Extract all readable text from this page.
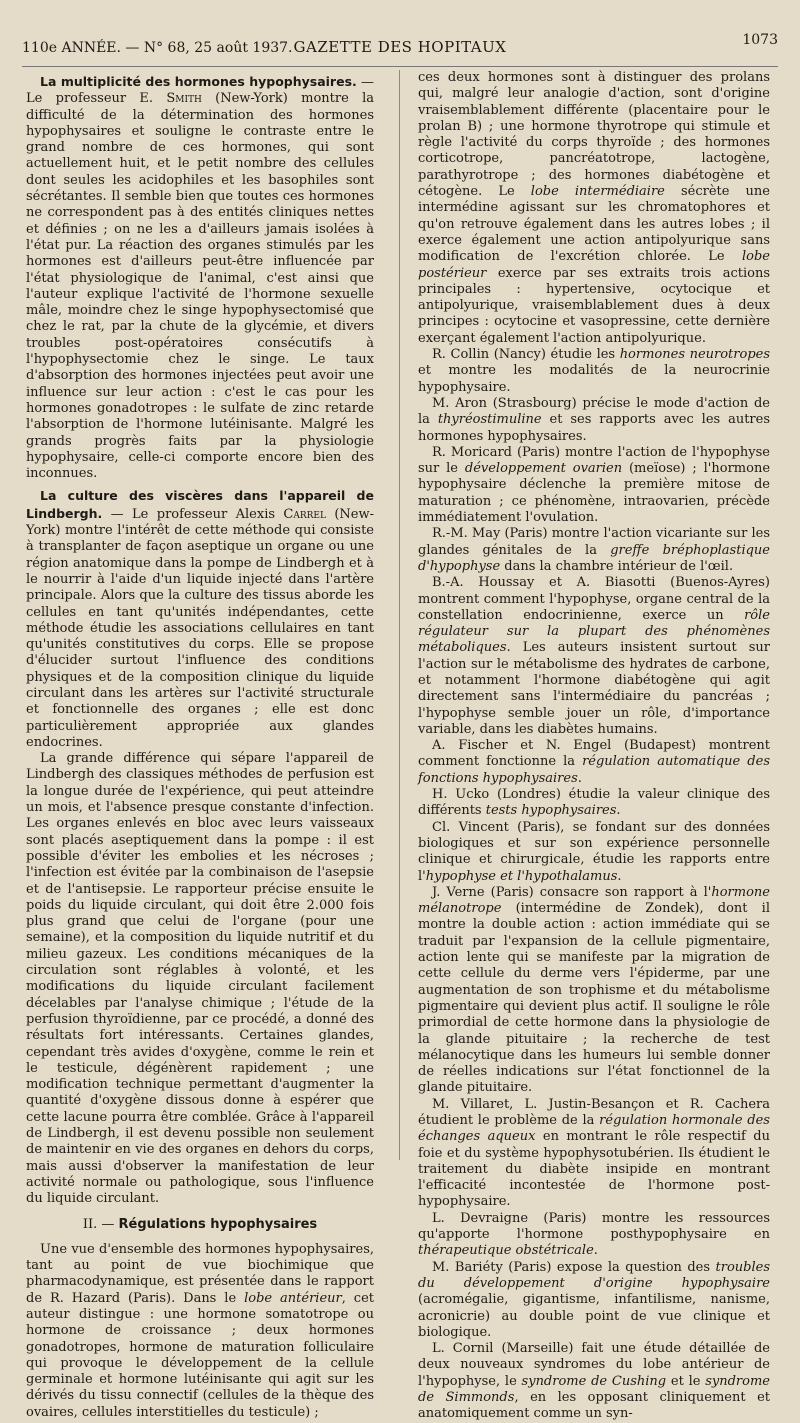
110e ANNÉE. — N° 68, 25 août 1937. GAZETTE DES HOPITAUX	1073

La multiplicité des hormones hypophysaires. — Le professeur E. Smith (New-York) montre la difficulté de la détermination des hormones hypophysaires et souligne le contraste entre le grand nombre de ces hormones, qui sont actuellement huit, et le petit nombre des cellules dont seules les acidophiles et les basophiles sont sécrétantes. Il semble bien que toutes ces hormones ne correspondent pas à des entités cliniques nettes et définies ; on ne les a d'ailleurs jamais isolées à l'état pur. La réaction des organes stimulés par les hormones est d'ailleurs peut-être influencée par l'état physiologique de l'animal, c'est ainsi que l'auteur explique l'activité de l'hormone sexuelle mâle, moindre chez le singe hypophysectomisé que chez le rat, par la chute de la glycémie, et divers troubles post-opératoires consécutifs à l'hypophysectomie chez le singe. Le taux d'absorption des hormones injectées peut avoir une influence sur leur action : c'est le cas pour les hormones gonadotropes : le sulfate de zinc retarde l'absorption de l'hormone lutéinisante. Malgré les grands progrès faits par la physiologie hypophysaire, celle-ci comporte encore bien des inconnues.

La culture des viscères dans l'appareil de Lindbergh. — Le professeur Alexis Carrel (New-York) montre l'intérêt de cette méthode qui consiste à transplanter de façon aseptique un organe ou une région anatomique dans la pompe de Lindbergh et à le nourrir à l'aide d'un liquide injecté dans l'artère principale. Alors que la culture des tissus aborde les cellules en tant qu'unités indépendantes, cette méthode étudie les associations cellulaires en tant qu'unités constitutives du corps. Elle se propose d'élucider surtout l'influence des conditions physiques et de la composition clinique du liquide circulant dans les artères sur l'activité structurale et fonctionnelle des organes ; elle est donc particulièrement appropriée aux glandes endocrines.

La grande différence qui sépare l'appareil de Lindbergh des classiques méthodes de perfusion est la longue durée de l'expérience, qui peut atteindre un mois, et l'absence presque constante d'infection. Les organes enlevés en bloc avec leurs vaisseaux sont placés aseptiquement dans la pompe : il est possible d'éviter les embolies et les nécroses ; l'infection est évitée par la combinaison de l'asepsie et de l'antisepsie. Le rapporteur précise ensuite le poids du liquide circulant, qui doit être 2.000 fois plus grand que celui de l'organe (pour une semaine), et la composition du liquide nutritif et du milieu gazeux. Les conditions mécaniques de la circulation sont réglables à volonté, et les modifications du liquide circulant facilement décelables par l'analyse chimique ; l'étude de la perfusion thyroïdienne, par ce procédé, a donné des résultats fort intéressants. Certaines glandes, cependant très avides d'oxygène, comme le rein et le testicule, dégénèrent rapidement ; une modification technique permettant d'augmenter la quantité d'oxygène dissous donne à espérer que cette lacune pourra être comblée. Grâce à l'appareil de Lindbergh, il est devenu possible non seulement de maintenir en vie des organes en dehors du corps, mais aussi d'observer la manifestation de leur activité normale ou pathologique, sous l'influence du liquide circulant.

II. — Régulations hypophysaires

Une vue d'ensemble des hormones hypophysaires, tant au point de vue biochimique que pharmacodynamique, est présentée dans le rapport de R. Hazard (Paris). Dans le lobe antérieur, cet auteur distingue : une hormone somatotrope ou hormone de croissance ; deux hormones gonadotropes, hormone de maturation folliculaire qui provoque le développement de la cellule germinale et hormone lutéinisante qui agit sur les dérivés du tissu connectif (cellules de la thèque des ovaires, cellules interstitielles du testicule) ;

ces deux hormones sont à distinguer des prolans qui, malgré leur analogie d'action, sont d'origine vraisemblablement différente (placentaire pour le prolan B) ; une hormone thyrotrope qui stimule et règle l'activité du corps thyroïde ; des hormones corticotrope, pancréatotrope, lactogène, parathyrotrope ; des hormones diabétogène et cétogène. Le lobe intermédiaire sécrète une intermédine agissant sur les chromatophores et qu'on retrouve également dans les autres lobes ; il exerce également une action antipolyurique sans modification de l'excrétion chlorée. Le lobe postérieur exerce par ses extraits trois actions principales : hypertensive, ocytocique et antipolyurique, vraisemblablement dues à deux principes : ocytocine et vasopressine, cette dernière exerçant également l'action antipolyurique.

R. Collin (Nancy) étudie les hormones neurotropes et montre les modalités de la neurocrinie hypophysaire.

M. Aron (Strasbourg) précise le mode d'action de la thyréostimuline et ses rapports avec les autres hormones hypophysaires.

R. Moricard (Paris) montre l'action de l'hypophyse sur le développement ovarien (meïose) ; l'hormone hypophysaire déclenche la première mitose de maturation ; ce phénomène, intraovarien, précède immédiatement l'ovulation.

R.-M. May (Paris) montre l'action vicariante sur les glandes génitales de la greffe bréphoplastique d'hypophyse dans la chambre intérieur de l'œil.

B.-A. Houssay et A. Biasotti (Buenos-Ayres) montrent comment l'hypophyse, organe central de la constellation endocrinienne, exerce un rôle régulateur sur la plupart des phénomènes métaboliques. Les auteurs insistent surtout sur l'action sur le métabolisme des hydrates de carbone, et notamment l'hormone diabétogène qui agit directement sans l'intermédiaire du pancréas ; l'hypophyse semble jouer un rôle, d'importance variable, dans les diabètes humains.

A. Fischer et N. Engel (Budapest) montrent comment fonctionne la régulation automatique des fonctions hypophysaires.

H. Ucko (Londres) étudie la valeur clinique des différents tests hypophysaires.

Cl. Vincent (Paris), se fondant sur des données biologiques et sur son expérience personnelle clinique et chirurgicale, étudie les rapports entre l'hypophyse et l'hypothalamus.

J. Verne (Paris) consacre son rapport à l'hormone mélanotrope (intermédine de Zondek), dont il montre la double action : action immédiate qui se traduit par l'expansion de la cellule pigmentaire, action lente qui se manifeste par la migration de cette cellule du derme vers l'épiderme, par une augmentation de son trophisme et du métabolisme pigmentaire qui devient plus actif. Il souligne le rôle primordial de cette hormone dans la physiologie de la glande pituitaire ; la recherche de test mélanocytique dans les humeurs lui semble donner de réelles indications sur l'état fonctionnel de la glande pituitaire.

M. Villaret, L. Justin-Besançon et R. Cachera étudient le problème de la régulation hormonale des échanges aqueux en montrant le rôle respectif du foie et du système hypophysotubérien. Ils étudient le traitement du diabète insipide en montrant l'efficacité incontestée de l'hormone post-hypophysaire.

L. Devraigne (Paris) montre les ressources qu'apporte l'hormone posthypophysaire en thérapeutique obstétricale.

M. Bariéty (Paris) expose la question des troubles du développement d'origine hypophysaire (acromégalie, gigantisme, infantilisme, nanisme, acronicrie) au double point de vue clinique et biologique.

L. Cornil (Marseille) fait une étude détaillée de deux nouveaux syndromes du lobe antérieur de l'hypophyse, le syndrome de Cushing et le syndrome de Simmonds, en les opposant cliniquement et anatomiquement comme un syn-
